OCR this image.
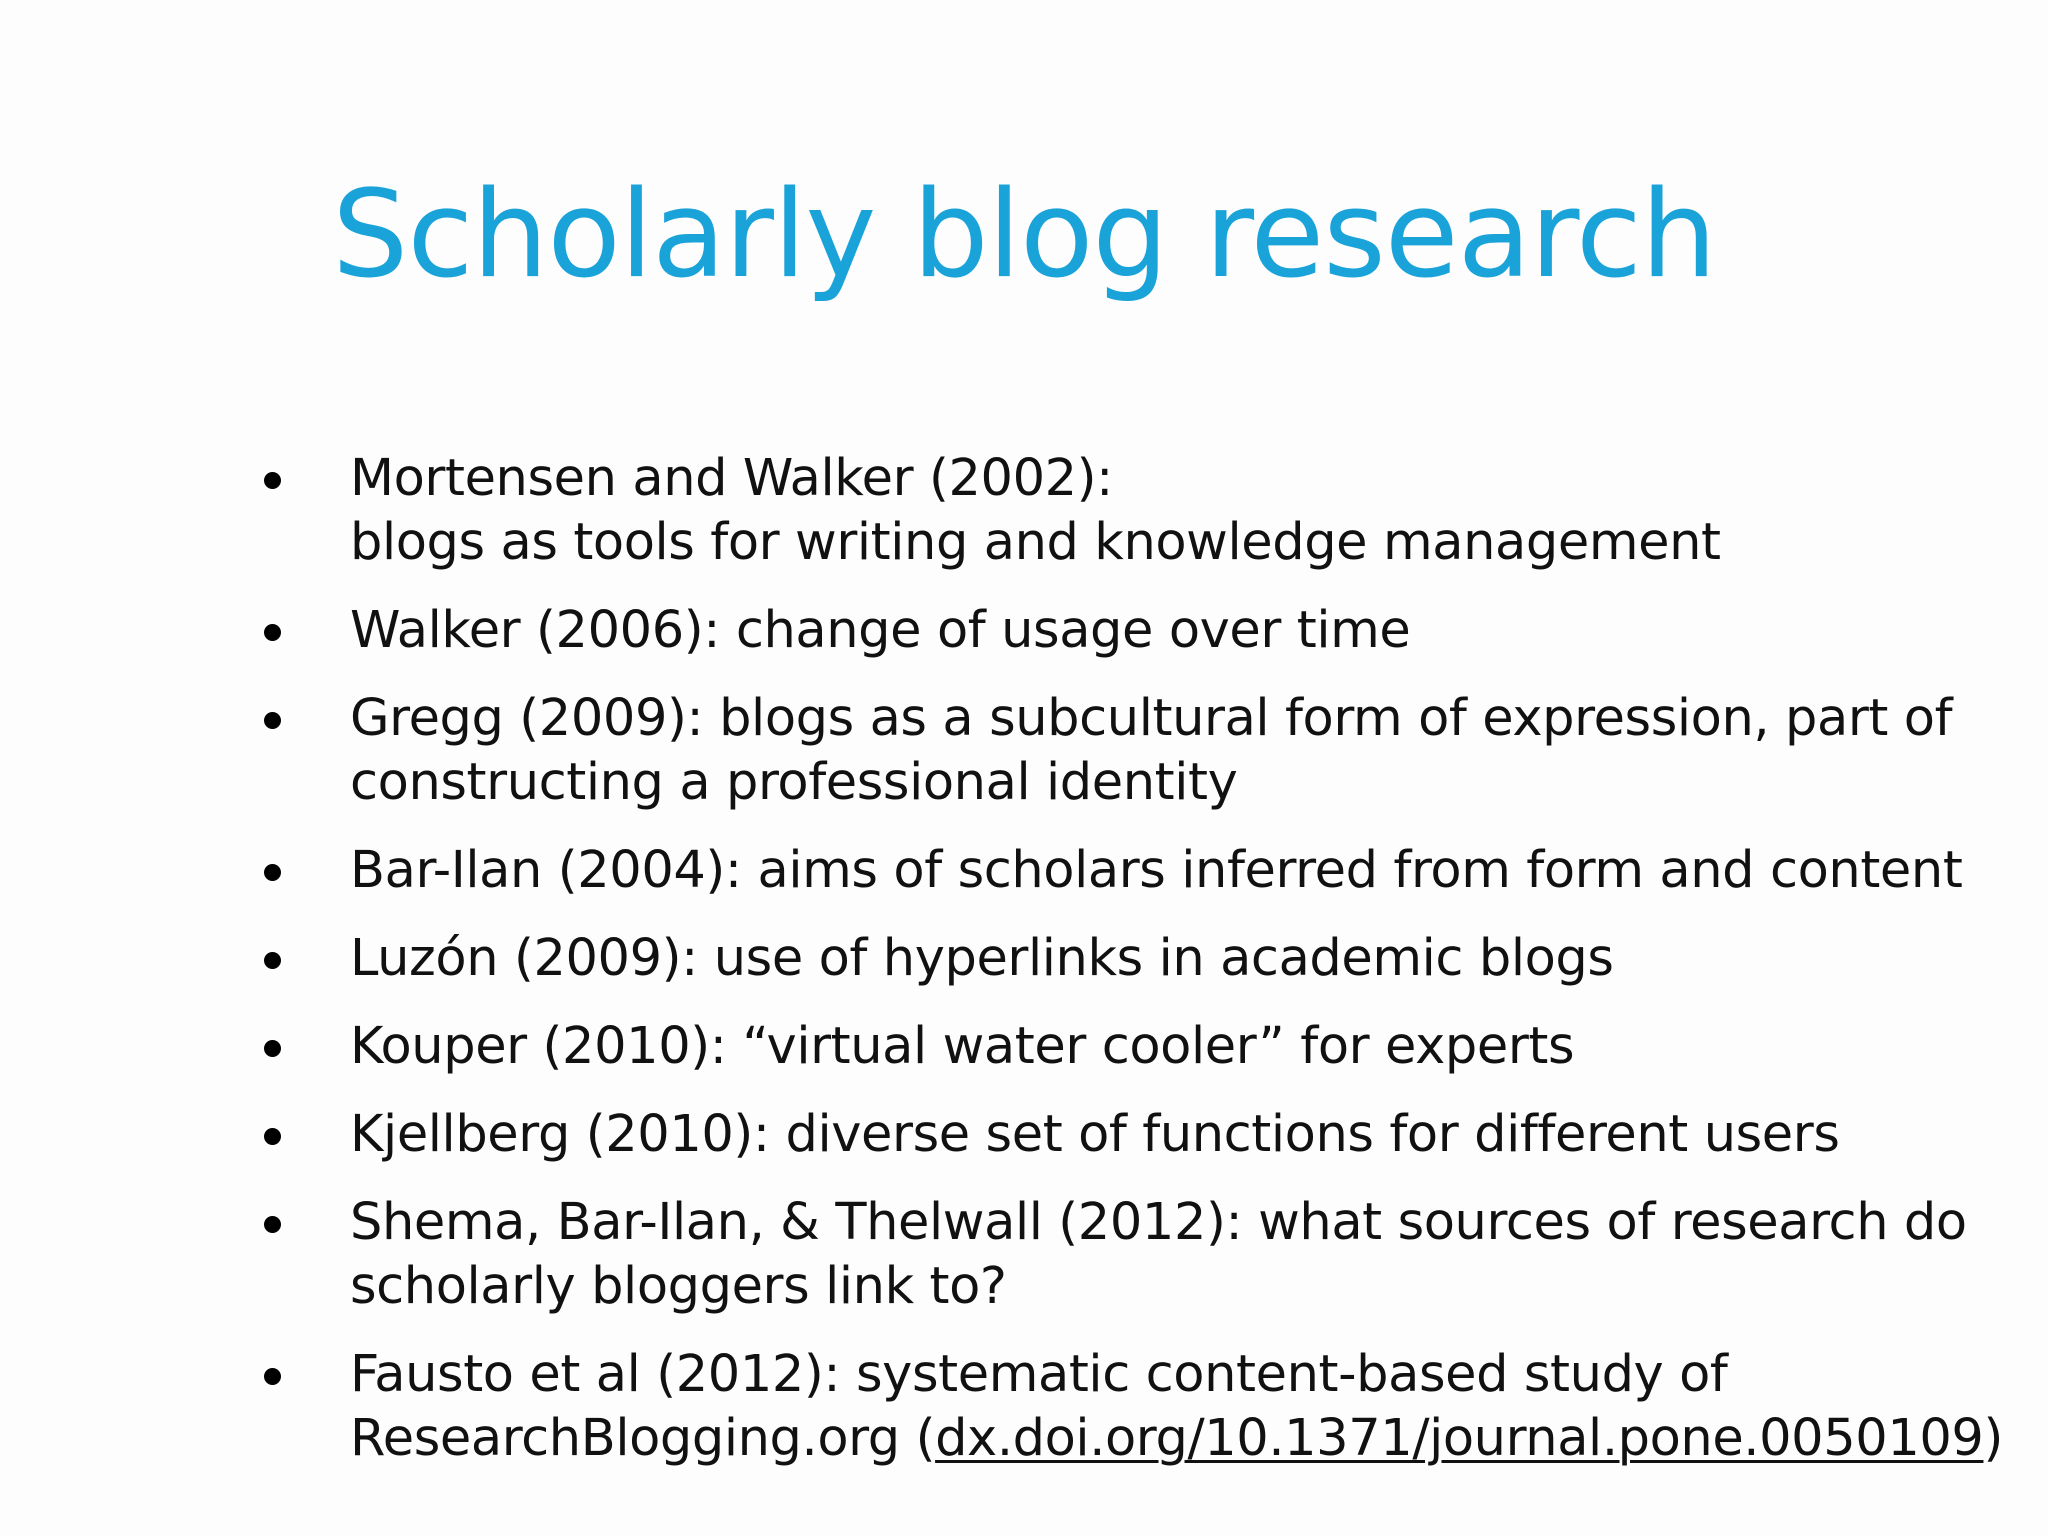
Scholarly blog research
Mortensen and Walker (2002):
blogs as tools for writing and knowledge management
Walker (2006): change of usage over time
Gregg (2009): blogs as a subcultural form of expression, part of
constructing a professional identity
Bar-Ilan (2004): aims of scholars inferred from form and content
Luzón (2009): use of hyperlinks in academic blogs
Kouper (2010): “virtual water cooler” for experts
Kjellberg (2010): diverse set of functions for different users
Shema, Bar-Ilan, & Thelwall (2012): what sources of research do
scholarly bloggers link to?
Fausto et al (2012): systematic content-based study of
ResearchBlogging.org (dx.doi.org/10.1371/journal.pone.0050109)
